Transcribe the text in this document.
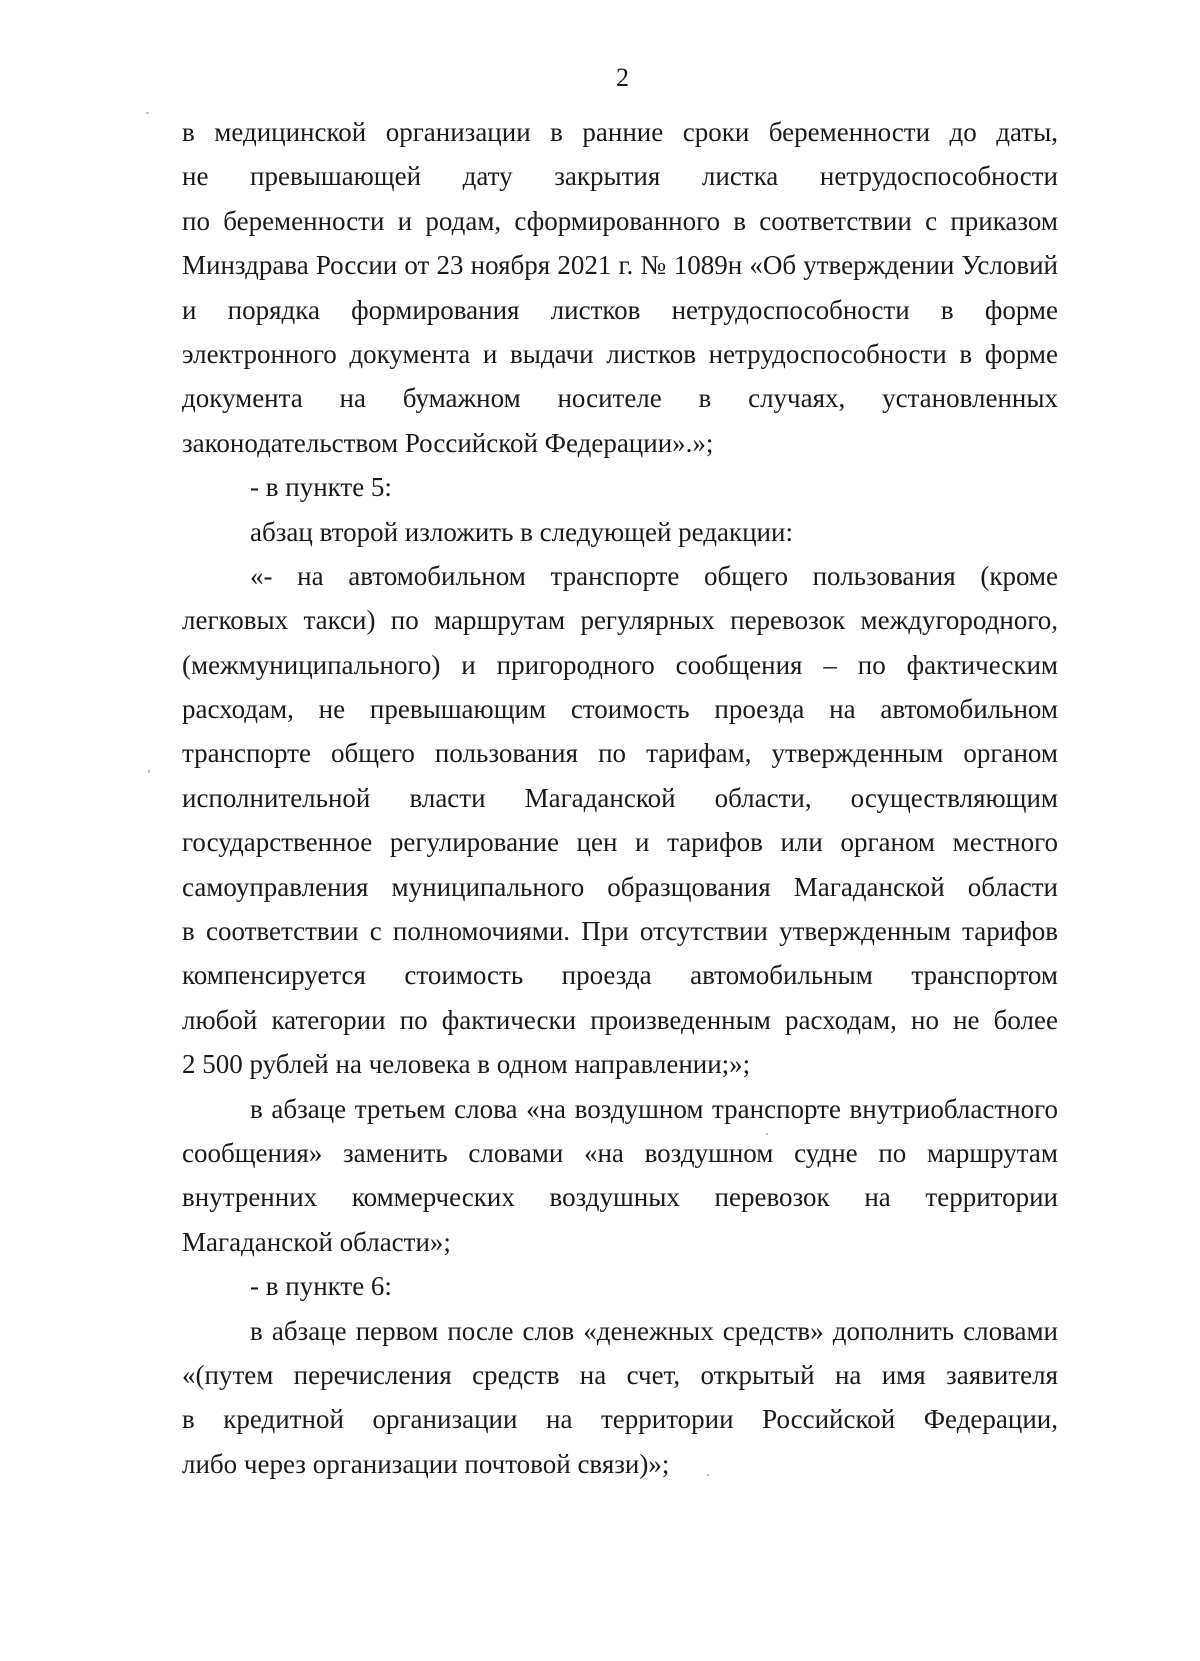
2
в медицинской организации в ранние сроки беременности до даты,
не превышающей дату закрытия листка нетрудоспособности
по беременности и родам, сформированного в соответствии с приказом
Минздрава России от 23 ноября 2021 г. № 1089н «Об утверждении Условий
и порядка формирования листков нетрудоспособности в форме
электронного документа и выдачи листков нетрудоспособности в форме
документа на бумажном носителе в случаях, установленных
законодательством Российской Федерации».»;
- в пункте 5:
абзац второй изложить в следующей редакции:
«- на автомобильном транспорте общего пользования (кроме
легковых такси) по маршрутам регулярных перевозок междугородного,
(межмуниципального) и пригородного сообщения – по фактическим
расходам, не превышающим стоимость проезда на автомобильном
транспорте общего пользования по тарифам, утвержденным органом
исполнительной власти Магаданской области, осуществляющим
государственное регулирование цен и тарифов или органом местного
самоуправления муниципального образщования Магаданской области
в соответствии с полномочиями. При отсутствии утвержденным тарифов
компенсируется стоимость проезда автомобильным транспортом
любой категории по фактически произведенным расходам, но не более
2 500 рублей на человека в одном направлении;»;
в абзаце третьем слова «на воздушном транспорте внутриобластного
сообщения» заменить словами «на воздушном судне по маршрутам
внутренних коммерческих воздушных перевозок на территории
Магаданской области»;
- в пункте 6:
в абзаце первом после слов «денежных средств» дополнить словами
«(путем перечисления средств на счет, открытый на имя заявителя
в кредитной организации на территории Российской Федерации,
либо через организации почтовой связи)»;
